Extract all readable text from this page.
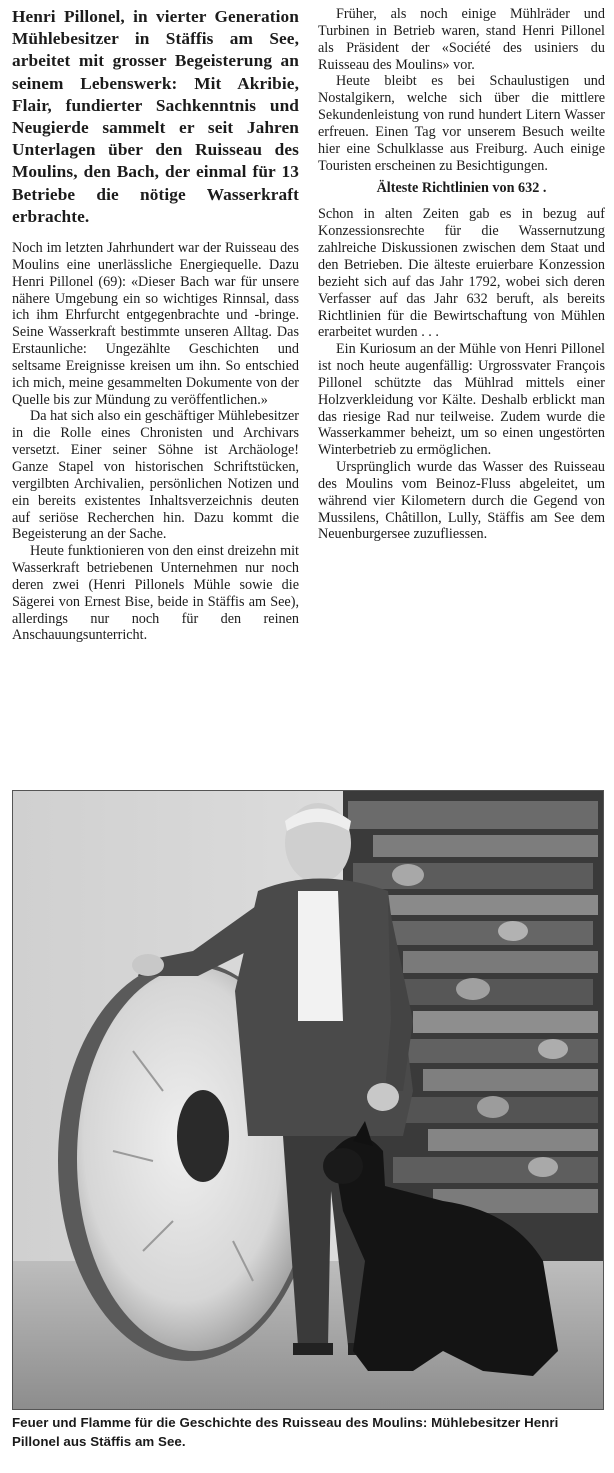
Henri Pillonel, in vierter Generation Mühlebesitzer in Stäffis am See, arbeitet mit grosser Begeisterung an seinem Lebenswerk: Mit Akribie, Flair, fundierter Sachkenntnis und Neugierde sammelt er seit Jahren Unterlagen über den Ruisseau des Moulins, den Bach, der einmal für 13 Betriebe die nötige Wasserkraft erbrachte.

Noch im letzten Jahrhundert war der Ruisseau des Moulins eine unerlässliche Energiequelle. Dazu Henri Pillonel (69): «Dieser Bach war für unsere nähere Umgebung ein so wichtiges Rinnsal, dass ich ihm Ehrfurcht entgegenbrachte und -bringe. Seine Wasserkraft bestimmte unseren Alltag. Das Erstaunliche: Ungezählte Geschichten und seltsame Ereignisse kreisen um ihn. So entschied ich mich, meine gesammelten Dokumente von der Quelle bis zur Mündung zu veröffentlichen.»

Da hat sich also ein geschäftiger Mühlebesitzer in die Rolle eines Chronisten und Archivars versetzt. Einer seiner Söhne ist Archäologe! Ganze Stapel von historischen Schriftstücken, vergilbten Archivalien, persönlichen Notizen und ein bereits existentes Inhaltsverzeichnis deuten auf seriöse Recherchen hin. Dazu kommt die Begeisterung an der Sache.

Heute funktionieren von den einst dreizehn mit Wasserkraft betriebenen Unternehmen nur noch deren zwei (Henri Pillonels Mühle sowie die Sägerei von Ernest Bise, beide in Stäffis am See), allerdings nur noch für den reinen Anschauungsunterricht.

Früher, als noch einige Mühlräder und Turbinen in Betrieb waren, stand Henri Pillonel als Präsident der «Société des usiniers du Ruisseau des Moulins» vor.

Heute bleibt es bei Schaulustigen und Nostalgikern, welche sich über die mittlere Sekundenleistung von rund hundert Litern Wasser erfreuen. Einen Tag vor unserem Besuch weilte hier eine Schulklasse aus Freiburg. Auch einige Touristen erscheinen zu Besichtigungen.

Älteste Richtlinien von 632 .

Schon in alten Zeiten gab es in bezug auf Konzessionsrechte für die Wassernutzung zahlreiche Diskussionen zwischen dem Staat und den Betrieben. Die älteste eruierbare Konzession bezieht sich auf das Jahr 1792, wobei sich deren Verfasser auf das Jahr 632 beruft, als bereits Richtlinien für die Bewirtschaftung von Mühlen erarbeitet wurden . . .

Ein Kuriosum an der Mühle von Henri Pillonel ist noch heute augenfällig: Urgrossvater François Pillonel schützte das Mühlrad mittels einer Holzverkleidung vor Kälte. Deshalb erblickt man das riesige Rad nur teilweise. Zudem wurde die Wasserkammer beheizt, um so einen ungestörten Winterbetrieb zu ermöglichen.

Ursprünglich wurde das Wasser des Ruisseau des Moulins vom Beinoz-Fluss abgeleitet, um während vier Kilometern durch die Gegend von Mussilens, Châtillon, Lully, Stäffis am See dem Neuenburgersee zuzufliessen.

Feuer und Flamme für die Geschichte des Ruisseau des Moulins: Mühlebesitzer Henri Pillonel aus Stäffis am See.
